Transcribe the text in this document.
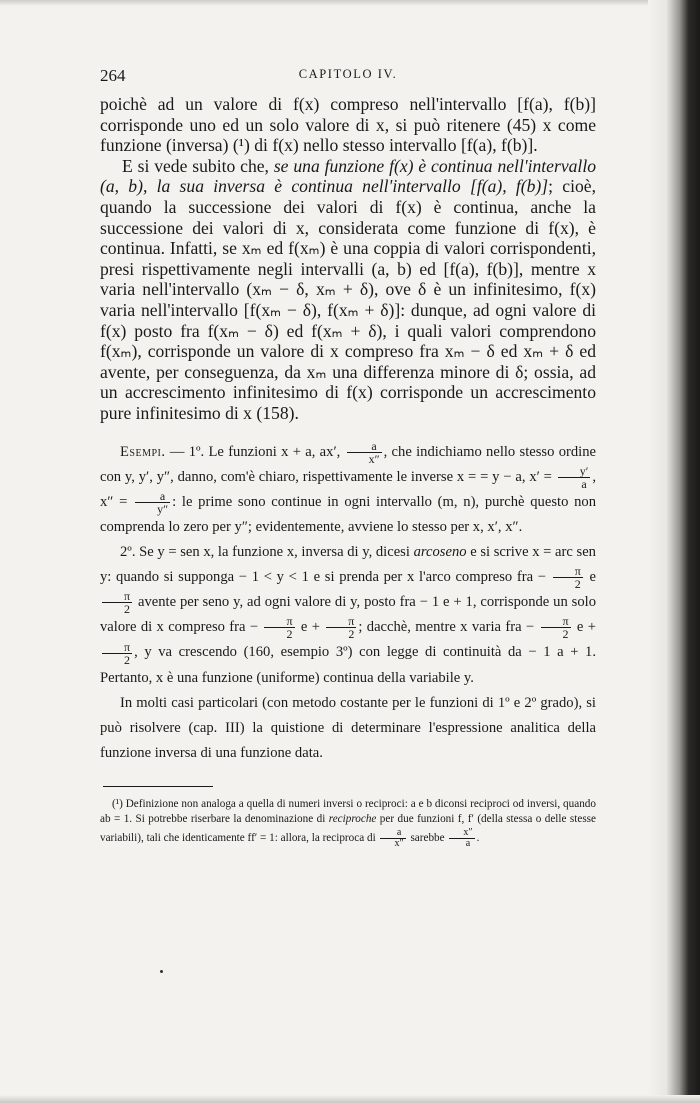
264	CAPITOLO IV.

poichè ad un valore di f(x) compreso nell'intervallo [f(a), f(b)] corrisponde uno ed un solo valore di x, si può ritenere (45) x come funzione (inversa) (¹) di f(x) nello stesso intervallo [f(a), f(b)].

E si vede subito che, se una funzione f(x) è continua nell'intervallo (a, b), la sua inversa è continua nell'intervallo [f(a), f(b)]; cioè, quando la successione dei valori di f(x) è continua, anche la successione dei valori di x, considerata come funzione di f(x), è continua. Infatti, se xₘ ed f(xₘ) è una coppia di valori corrispondenti, presi rispettivamente negli intervalli (a, b) ed [f(a), f(b)], mentre x varia nell'intervallo (xₘ − δ, xₘ + δ), ove δ è un infinitesimo, f(x) varia nell'intervallo [f(xₘ − δ), f(xₘ + δ)]: dunque, ad ogni valore di f(x) posto fra f(xₘ − δ) ed f(xₘ + δ), i quali valori comprendono f(xₘ), corrisponde un valore di x compreso fra xₘ − δ ed xₘ + δ ed avente, per conseguenza, da xₘ una differenza minore di δ; ossia, ad un accrescimento infinitesimo di f(x) corrisponde un accrescimento pure infinitesimo di x (158).

Esempi. — 1º. Le funzioni x + a, ax′, $\frac{a}{x''}$ , che indichiamo nello stesso ordine con y, y′, y″, danno, com'è chiaro, rispettivamente le inverse x = = y − a, $x' = \frac{y'}{a}$ , $x'' = \frac{a}{y''}$ : le prime sono continue in ogni intervallo (m, n), purchè questo non comprenda lo zero per y″; evidentemente, avviene lo stesso per x, x′, x″.

2º. Se y = sen x, la funzione x, inversa di y, dicesi arcoseno e si scrive x = arc sen y: quando si supponga − 1 < y < 1 e si prenda per x l'arco compreso fra − $\frac{\pi}{2}$ e
$\frac{\pi}{2}$ avente per seno y, ad ogni valore di y, posto fra − 1 e + 1, corrisponde un solo valore di x compreso fra − $\frac{\pi}{2}$ $e + \frac{\pi}{2}$ ; dacchè, mentre x varia fra − $\frac{\pi}{2}$ e +
$\frac{\pi}{2}$ , y va crescendo (160, esempio 3º) con legge di continuità da − 1 a + 1. Pertanto, x è una funzione (uniforme) continua della variabile y.

In molti casi particolari (con metodo costante per le funzioni di 1º e 2º grado), si può risolvere (cap. III) la quistione di determinare l'espressione analitica della funzione inversa di una funzione data.

(¹) Definizione non analoga a quella di numeri inversi o reciproci: a e b diconsi reciproci od inversi, quando ab = 1. Si potrebbe riserbare la denominazione di reciproche per due funzioni f, f′ (della stessa o delle stesse variabili), tali che identicamente ff′ = 1: allora, la reciproca di $\frac{a}{x''}$ sarebbe $\frac{x''}{a}$ .
